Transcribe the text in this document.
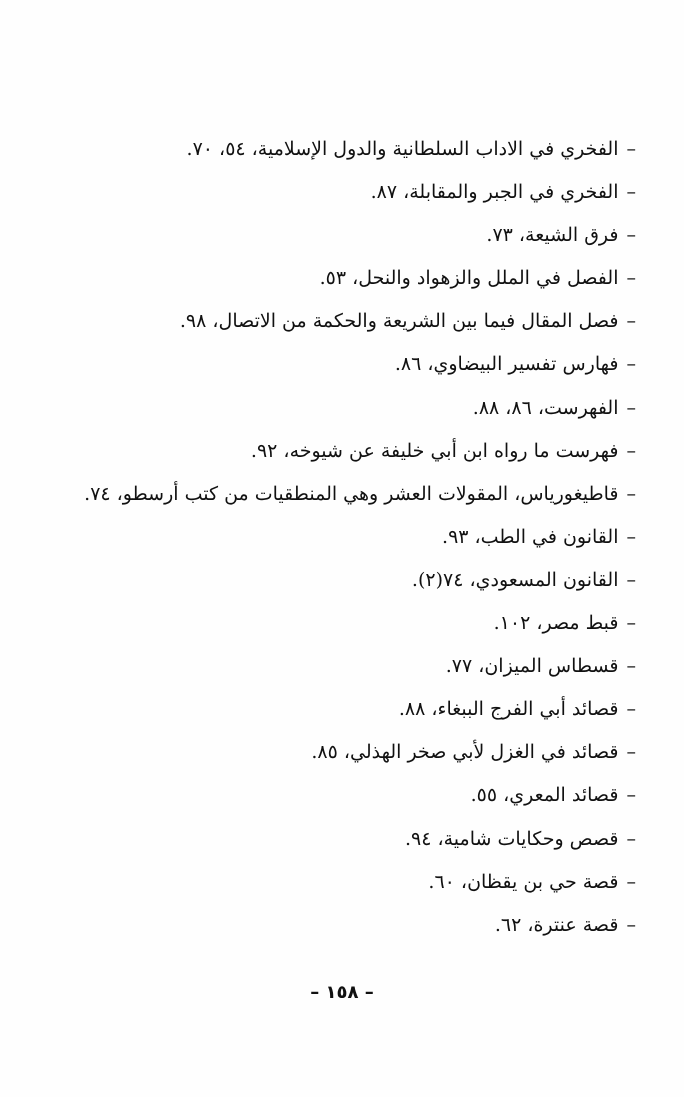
–الفخري في الاداب السلطانية والدول الإسلامية، ٥٤، ٧٠.
–الفخري في الجبر والمقابلة، ٨٧.
–فرق الشيعة، ٧٣.
–الفصل في الملل والزهواد والنحل، ٥٣.
–فصل المقال فيما بين الشريعة والحكمة من الاتصال، ٩٨.
–فهارس تفسير البيضاوي، ٨٦.
–الفهرست، ٨٦، ٨٨.
–فهرست ما رواه ابن أبي خليفة عن شيوخه، ٩٢.
–قاطيغورياس، المقولات العشر وهي المنطقيات من كتب أرسطو، ٧٤.
–القانون في الطب، ٩٣.
–القانون المسعودي، ٧٤(٢).
–قبط مصر، ١٠٢.
–قسطاس الميزان، ٧٧.
–قصائد أبي الفرج الببغاء، ٨٨.
–قصائد في الغزل لأبي صخر الهذلي، ٨٥.
–قصائد المعري، ٥٥.
–قصص وحكايات شامية، ٩٤.
–قصة حي بن يقظان، ٦٠.
–قصة عنترة، ٦٢.
– ١٥٨ –
